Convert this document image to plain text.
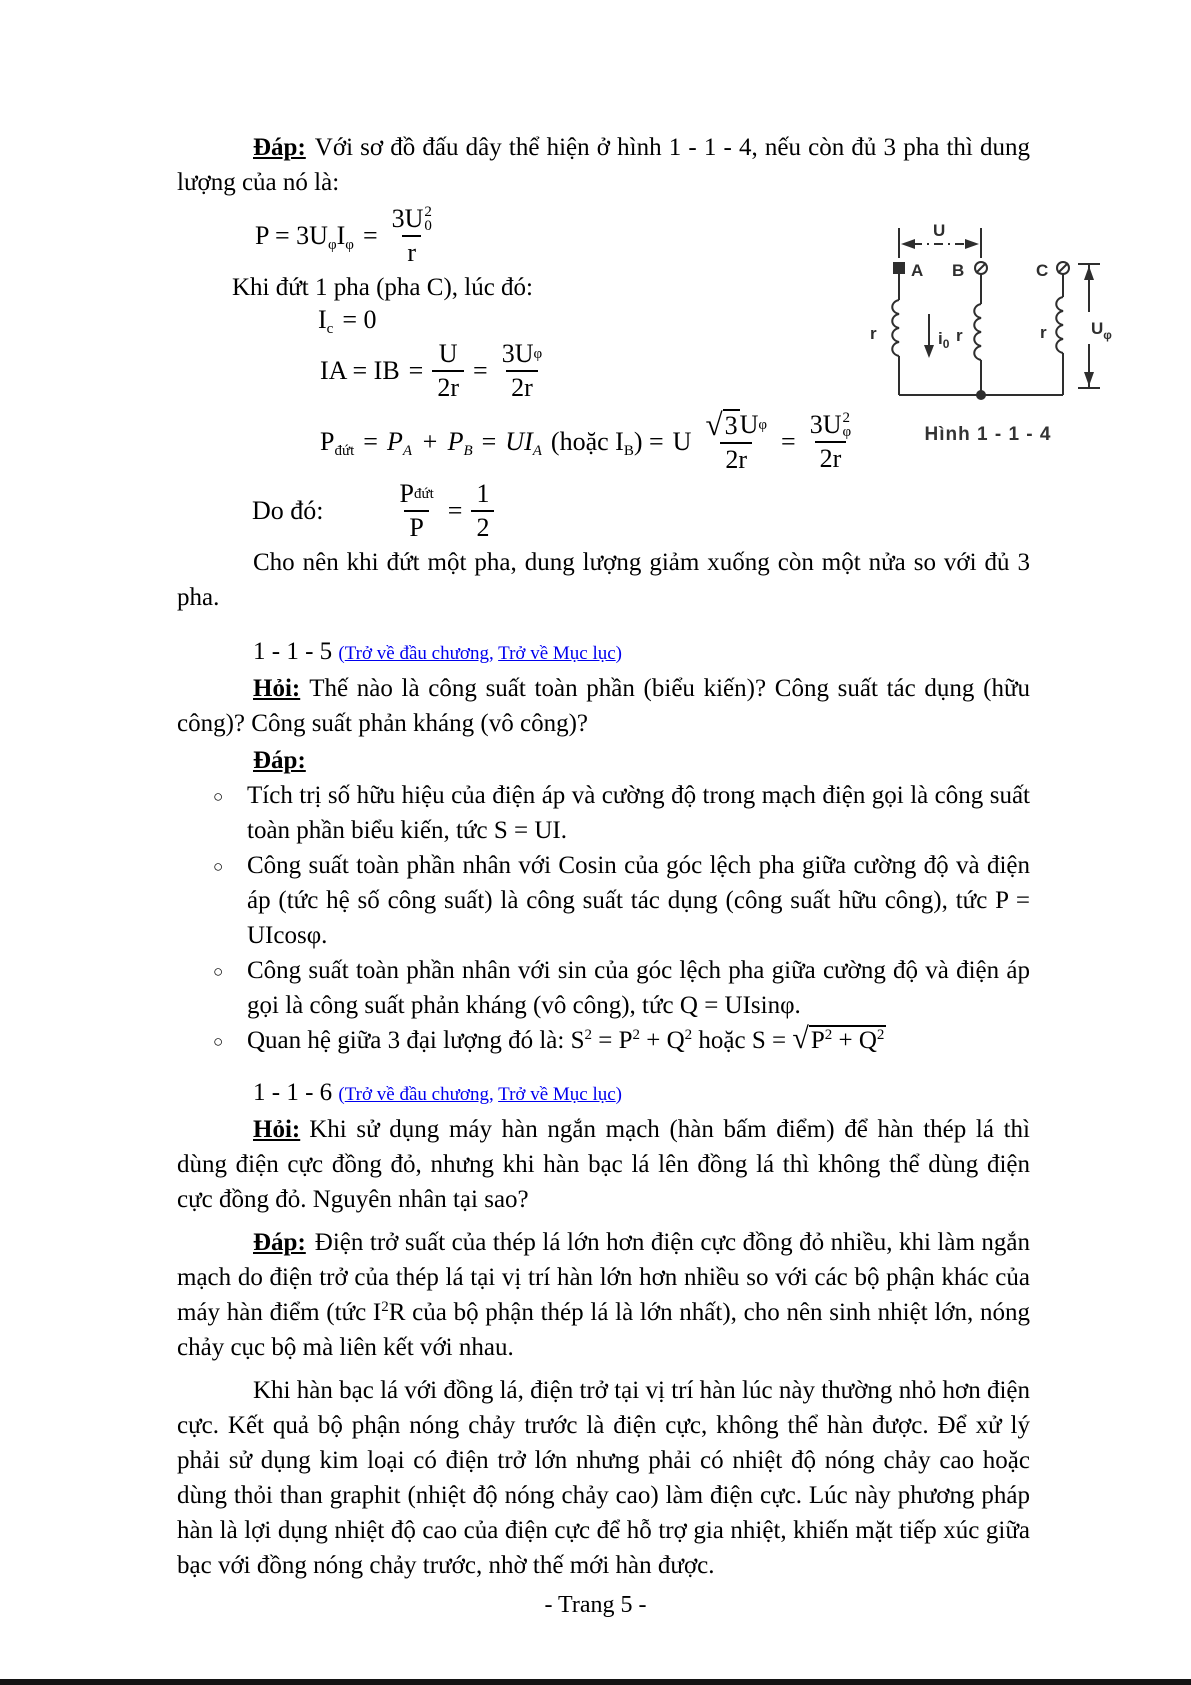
Đáp: Với sơ đồ đấu dây thể hiện ở hình 1 - 1 - 4, nếu còn đủ 3 pha thì dung lượng của nó là:

$P = 3U_\varphi I_\varphi = 3U$ 2
0
r

Khi đứt 1 pha (pha C), lúc đó:

$I_c = 0$
IA = IB = $\frac{U}{2r} = \frac{\text{3U φ}}{2r}$
$P_{đứt} = P_A + P_B = UI_A$ (hoặc $I_B) = U \frac{\text{√ 3 U φ}}{2r} = 3U$ 2
φ
2r
Do đó:	$\frac{\text{P đứt}}{P} = \frac{1}{2}$

Cho nên khi đứt một pha, dung lượng giảm xuống còn một nửa so với đủ 3 pha.

1 - 1 - 5 (Trở về đầu chương, Trở về Mục lục)

Hỏi: Thế nào là công suất toàn phần (biểu kiến)? Công suất tác dụng (hữu công)? Công suất phản kháng (vô công)?

Đáp:

○ Tích trị số hữu hiệu của điện áp và cường độ trong mạch điện gọi là công suất toàn phần biểu kiến, tức S = UI.
○ Công suất toàn phần nhân với Cosin của góc lệch pha giữa cường độ và điện áp (tức hệ số công suất) là công suất tác dụng (công suất hữu công), tức P = UIcosφ.
○ Công suất toàn phần nhân với sin của góc lệch pha giữa cường độ và điện áp gọi là công suất phản kháng (vô công), tức Q = UIsinφ.
○ Quan hệ giữa 3 đại lượng đó là: $S^2 = P^2 + Q^2$ hoặc $S = √P^2 + Q^2$

1 - 1 - 6 (Trở về đầu chương, Trở về Mục lục)

Hỏi: Khi sử dụng máy hàn ngắn mạch (hàn bấm điểm) để hàn thép lá thì dùng điện cực đồng đỏ, nhưng khi hàn bạc lá lên đồng lá thì không thể dùng điện cực đồng đỏ. Nguyên nhân tại sao?

Đáp: Điện trở suất của thép lá lớn hơn điện cực đồng đỏ nhiều, khi làm ngắn mạch do điện trở của thép lá tại vị trí hàn lớn hơn nhiều so với các bộ phận khác của máy hàn điểm (tức $I^2R$ của bộ phận thép lá là lớn nhất), cho nên sinh nhiệt lớn, nóng chảy cục bộ mà liên kết với nhau.

Khi hàn bạc lá với đồng lá, điện trở tại vị trí hàn lúc này thường nhỏ hơn điện cực. Kết quả bộ phận nóng chảy trước là điện cực, không thể hàn được. Để xử lý phải sử dụng kim loại có điện trở lớn nhưng phải có nhiệt độ nóng chảy cao hoặc dùng thỏi than graphit (nhiệt độ nóng chảy cao) làm điện cực. Lúc này phương pháp hàn là lợi dụng nhiệt độ cao của điện cực để hỗ trợ gia nhiệt, khiến mặt tiếp xúc giữa bạc với đồng nóng chảy trước, nhờ thế mới hàn được.

U
A B	C
r	r	r
$i_0$
$U_\varphi$
Hình 1 - 1 - 4
- Trang 5 -
